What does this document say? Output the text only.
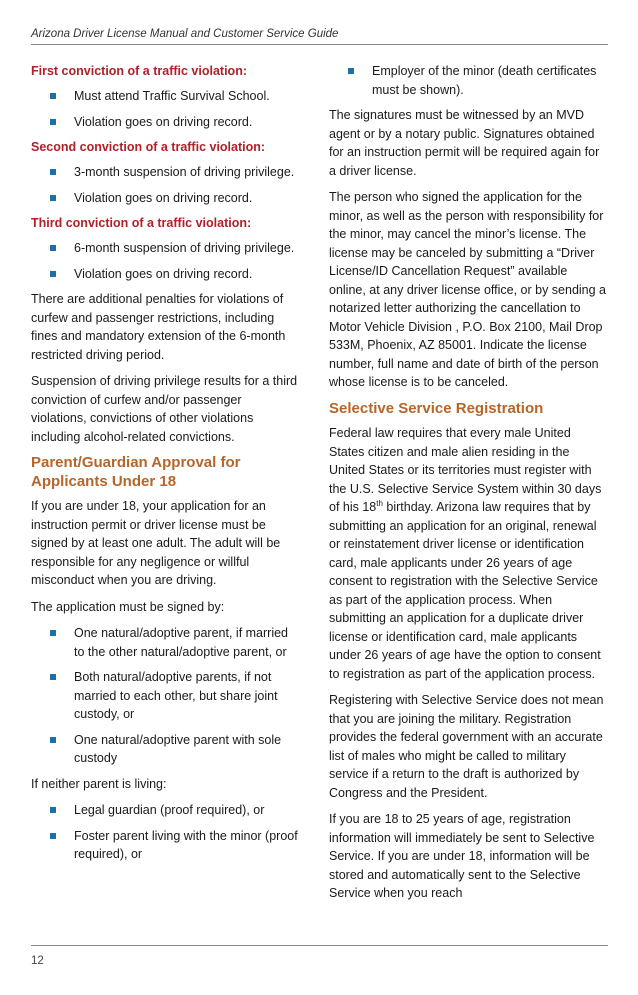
Arizona Driver License Manual and Customer Service Guide
First conviction of a traffic violation:
Must attend Traffic Survival School.
Violation goes on driving record.
Second conviction of a traffic violation:
3-month suspension of driving privilege.
Violation goes on driving record.
Third conviction of a traffic violation:
6-month suspension of driving privilege.
Violation goes on driving record.

There are additional penalties for violations of curfew and passenger restrictions, including fines and mandatory extension of the 6-month restricted driving period.

Suspension of driving privilege results for a third conviction of curfew and/or passenger violations, convictions of other violations including alcohol-related convictions.

Parent/Guardian Approval for Applicants Under 18

If you are under 18, your application for an instruction permit or driver license must be signed by at least one adult. The adult will be responsible for any negligence or willful misconduct when you are driving.

The application must be signed by:

One natural/adoptive parent, if married to the other natural/adoptive parent, or
Both natural/adoptive parents, if not married to each other, but share joint custody, or
One natural/adoptive parent with sole custody

If neither parent is living:

Legal guardian (proof required), or
Foster parent living with the minor (proof required), or
Employer of the minor (death certificates must be shown).

The signatures must be witnessed by an MVD agent or by a notary public. Signatures obtained for an instruction permit will be required again for a driver license.

The person who signed the application for the minor, as well as the person with responsibility for the minor, may cancel the minor’s license. The license may be canceled by submitting a “Driver License/ID Cancellation Request” available online, at any driver license office, or by sending a notarized letter authorizing the cancellation to Motor Vehicle Division , P.O. Box 2100, Mail Drop 533M, Phoenix, AZ 85001. Indicate the license number, full name and date of birth of the person whose license is to be canceled.

Selective Service Registration

Federal law requires that every male United States citizen and male alien residing in the United States or its territories must register with the U.S. Selective Service System within 30 days of his 18th birthday. Arizona law requires that by submitting an application for an original, renewal or reinstatement driver license or identification card, male applicants under 26 years of age consent to registration with the Selective Service as part of the application process. When submitting an application for a duplicate driver license or identification card, male applicants under 26 years of age have the option to consent to registration as part of the application process.

Registering with Selective Service does not mean that you are joining the military. Registration provides the federal government with an accurate list of males who might be called to military service if a return to the draft is authorized by Congress and the President.

If you are 18 to 25 years of age, registration information will immediately be sent to Selective Service. If you are under 18, information will be stored and automatically sent to the Selective Service when you reach

12
